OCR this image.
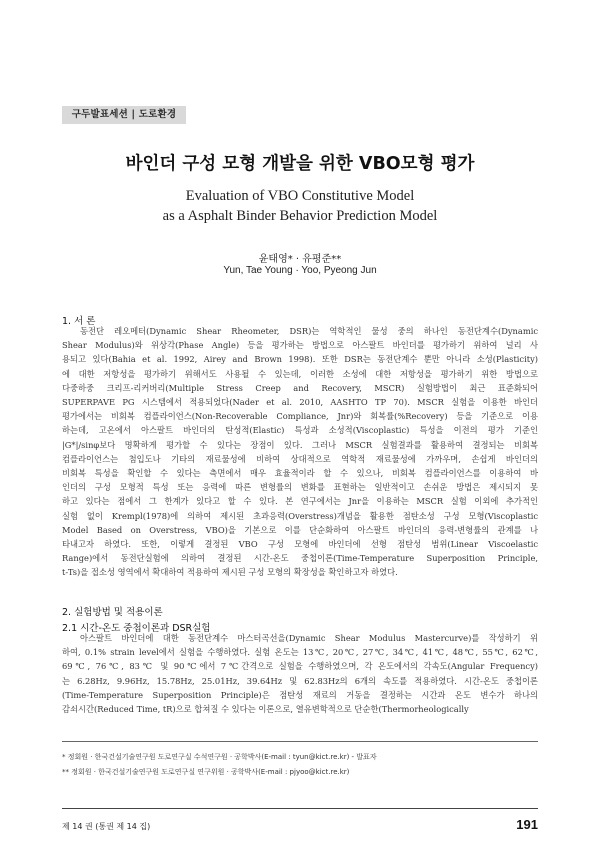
구두발표세션 | 도로환경
바인더 구성 모형 개발을 위한 VBO모형 평가
Evaluation of VBO Constitutive Model
as a Asphalt Binder Behavior Prediction Model
윤태영* · 유평준**
Yun, Tae Young · Yoo, Pyeong Jun
1. 서 론
동전단 레오메터(Dynamic Shear Rheometer, DSR)는 역학적인 물성 중의 하나인 동전단계수(Dynamic
Shear Modulus)와 위상각(Phase Angle) 등을 평가하는 방법으로 아스팔트 바인더를 평가하기 위하여 널리 사
용되고 있다(Bahia et al. 1992, Airey and Brown 1998). 또한 DSR는 동전단계수 뿐만 아니라 소성(Plasticity)
에 대한 저항성을 평가하기 위해서도 사용될 수 있는데, 이러한 소성에 대한 저항성을 평가하기 위한 방법으로
다중하중 크리프-리커버리(Multiple Stress Creep and Recovery, MSCR) 실험방법이 최근 표준화되어
SUPERPAVE PG 시스템에서 적용되었다(Nader et al. 2010, AASHTO TP 70). MSCR 실험을 이용한 바인더
평가에서는 비회복 컴플라이언스(Non-Recoverable Compliance, Jnr)와 회복률(%Recovery) 등을 기준으로 이용
하는데, 고온에서 아스팔트 바인더의 탄성적(Elastic) 특성과 소성적(Viscoplastic) 특성을 이전의 평가 기준인
|G*|/sinφ보다 명확하게 평가할 수 있다는 장점이 있다. 그러나 MSCR 실험결과를 활용하여 결정되는 비회복
컴플라이언스는 첨입도나 기타의 재료물성에 비하여 상대적으로 역학적 재료물성에 가까우며, 손쉽게 바인더의
비회복 특성을 확인할 수 있다는 측면에서 매우 효율적이라 할 수 있으나, 비회복 컴플라이언스를 이용하여 바
인더의 구성 모형적 특성 또는 응력에 따른 변형률의 변화를 표현하는 일반적이고 손쉬운 방법은 제시되지 못
하고 있다는 점에서 그 한계가 있다고 할 수 있다. 본 연구에서는 Jnr을 이용하는 MSCR 실험 이외에 추가적인
실험 없이 Krempl(1978)에 의하여 제시된 초과응력(Overstress)개념을 활용한 점탄소성 구성 모형(Viscoplastic
Model Based on Overstress, VBO)을 기본으로 이를 단순화하여 아스팔트 바인더의 응력-변형률의 관계를 나
타내고자 하였다. 또한, 이렇게 결정된 VBO 구성 모형에 바인더에 선형 점탄성 범위(Linear Viscoelastic
Range)에서 동전단실험에 의하여 결정된 시간-온도 중첩이론(Time-Temperature Superposition Principle,
t-Ts)을 접소성 영역에서 확대하여 적용하여 제시된 구성 모형의 확장성을 확인하고자 하였다.
2. 실험방법 및 적용이론
2.1 시간-온도 중첩이론과 DSR실험
아스팔트 바인더에 대한 동전단계수 마스터곡선을(Dynamic Shear Modulus Mastercurve)를 작성하기 위
하여, 0.1% strain level에서 실험을 수행하였다. 실험 온도는 13℃, 20℃, 27℃, 34℃, 41℃, 48℃, 55℃, 62℃,
69℃, 76℃, 83℃ 및 90℃에서 7℃간격으로 실험을 수행하였으며, 각 온도에서의 각속도(Angular Frequency)
는 6.28Hz, 9.96Hz, 15.78Hz, 25.01Hz, 39.64Hz 및 62.83Hz의 6개의 속도를 적용하였다. 시간-온도 중첩이론
(Time-Temperature Superposition Principle)은 점탄성 재료의 거동을 결정하는 시간과 온도 변수가 하나의
감쇠시간(Reduced Time, tR)으로 합쳐질 수 있다는 이론으로, 열유변학적으로 단순한(Thermorheologically
* 정회원 · 한국건설기술연구원 도로연구실 수석연구원 · 공학박사(E-mail : tyun@kict.re.kr) - 발표자
** 정회원 · 한국건설기술연구원 도로연구실 연구위원 · 공학박사(E-mail : pjyoo@kict.re.kr)
제 14 권 (통권 제 14 집)	191
